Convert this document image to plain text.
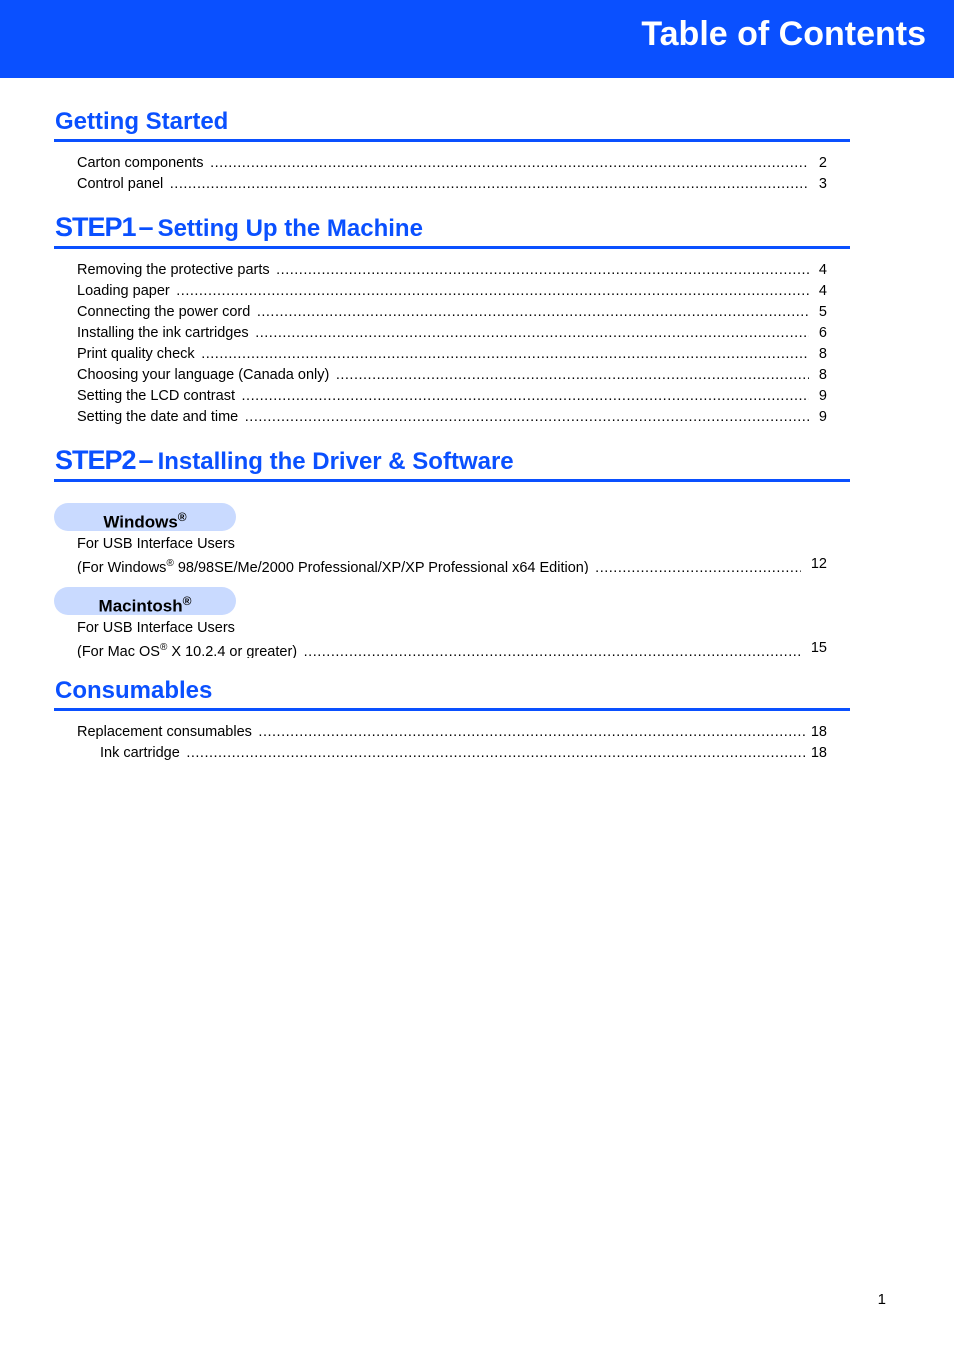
Table of Contents
Getting Started
Carton components .....	2
Control panel .....	3
STEP1 – Setting Up the Machine
Removing the protective parts .....	4
Loading paper .....	4
Connecting the power cord .....	5
Installing the ink cartridges .....	6
Print quality check .....	8
Choosing your language (Canada only) .....	8
Setting the LCD contrast .....	9
Setting the date and time .....	9
STEP2 – Installing the Driver & Software
Windows®
For USB Interface Users
(For Windows® 98/98SE/Me/2000 Professional/XP/XP Professional x64 Edition) .....	12
Macintosh®
For USB Interface Users
(For Mac OS® X 10.2.4 or greater) .....	15
Consumables
Replacement consumables .....	18
Ink cartridge .....	18
1
